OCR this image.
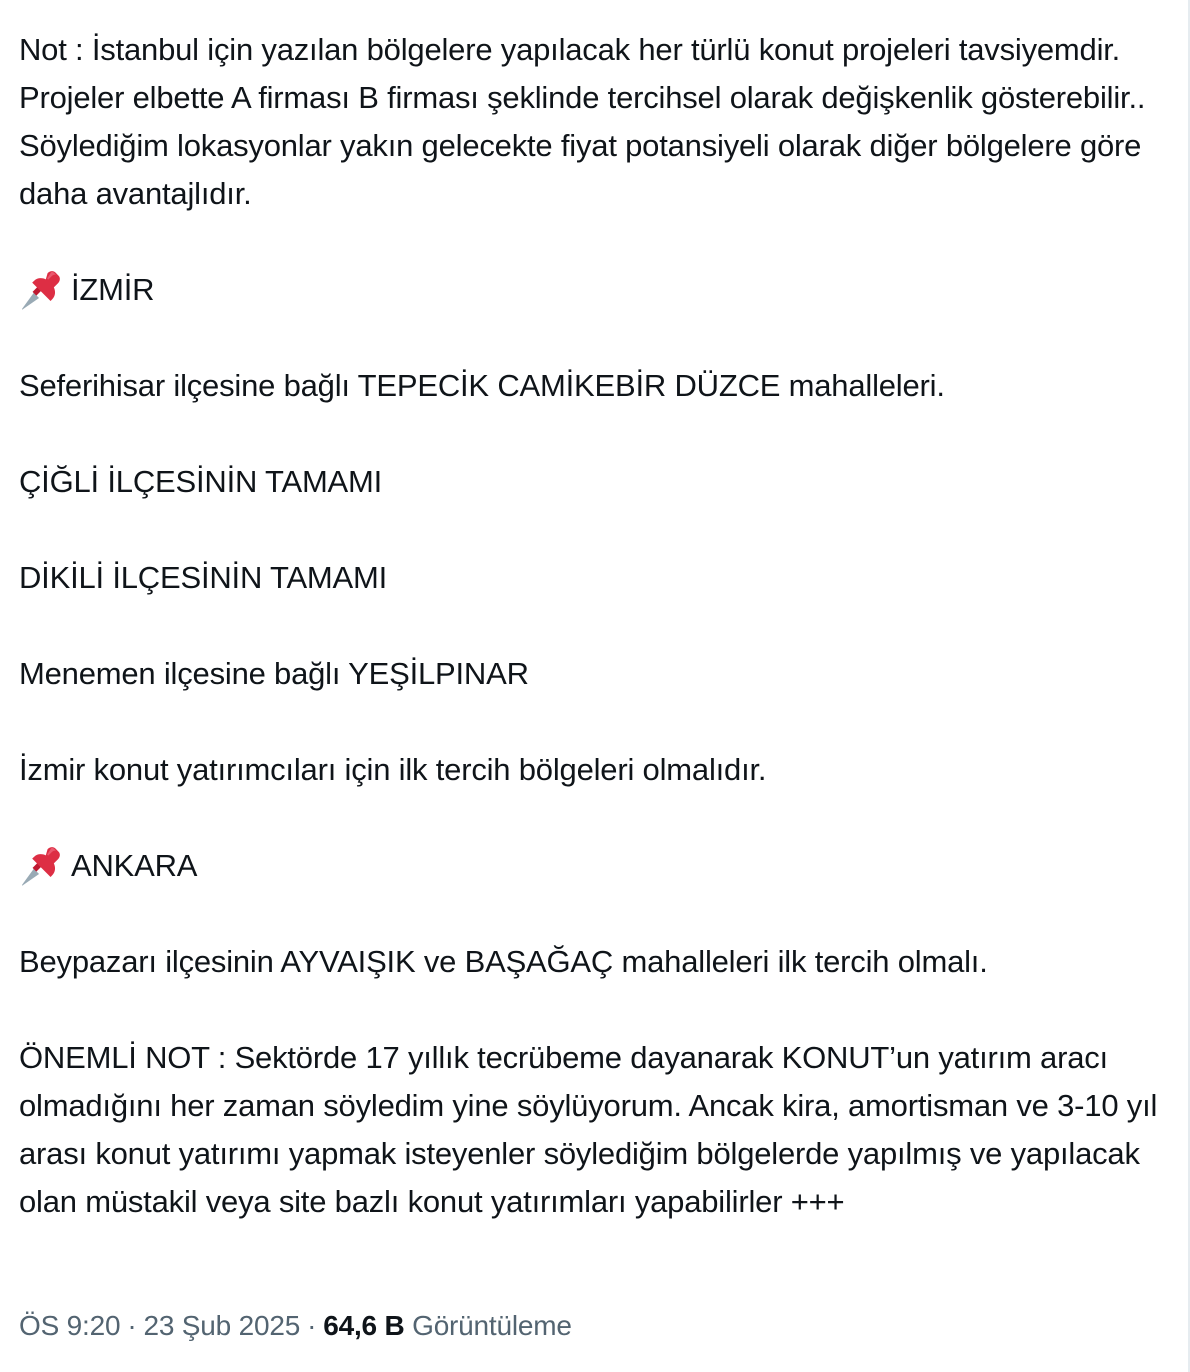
Not : İstanbul için yazılan bölgelere yapılacak her türlü konut projeleri tavsiyemdir. Projeler elbette A firması B firması şeklinde tercihsel olarak değişkenlik gösterebilir.. Söylediğim lokasyonlar yakın gelecekte fiyat potansiyeli olarak diğer bölgelere göre daha avantajlıdır.

İZMİR

Seferihisar ilçesine bağlı TEPECİK CAMİKEBİR DÜZCE mahalleleri.

ÇİĞLİ İLÇESİNİN TAMAMI

DİKİLİ İLÇESİNİN TAMAMI

Menemen ilçesine bağlı YEŞİLPINAR

İzmir konut yatırımcıları için ilk tercih bölgeleri olmalıdır.

ANKARA

Beypazarı ilçesinin AYVAIŞIK ve BAŞAĞAÇ mahalleleri ilk tercih olmalı.

ÖNEMLİ NOT : Sektörde 17 yıllık tecrübeme dayanarak KONUT’un yatırım aracı olmadığını her zaman söyledim yine söylüyorum. Ancak kira, amortisman ve 3-10 yıl arası konut yatırımı yapmak isteyenler söylediğim bölgelerde yapılmış ve yapılacak olan müstakil veya site bazlı konut yatırımları yapabilirler +++

ÖS 9:20 · 23 Şub 2025 · 64,6 B Görüntüleme
